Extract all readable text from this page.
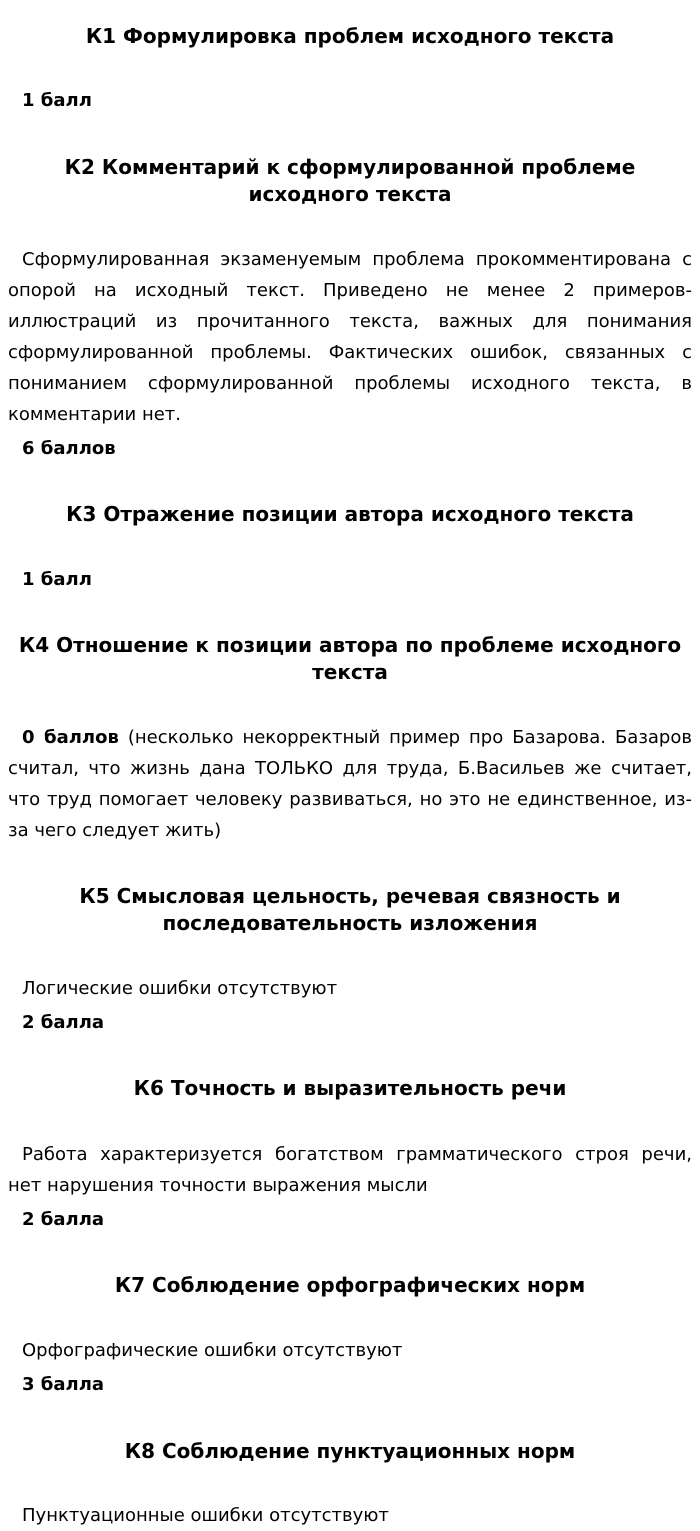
К1 Формулировка проблем исходного текста
1 балл
К2 Комментарий к сформулированной проблеме исходного текста

Сформулированная экзаменуемым проблема прокомментирована с опорой на исходный текст. Приведено не менее 2 примеров-иллюстраций из прочитанного текста, важных для понимания сформулированной проблемы. Фактических ошибок, связанных с пониманием сформулированной проблемы исходного текста, в комментарии нет.

6 баллов
К3 Отражение позиции автора исходного текста
1 балл
К4 Отношение к позиции автора по проблеме исходного текста

0 баллов (несколько некорректный пример про Базарова. Базаров считал, что жизнь дана ТОЛЬКО для труда, Б.Васильев же считает, что труд помогает человеку развиваться, но это не единственное, из-за чего следует жить)

К5 Смысловая цельность, речевая связность и последовательность изложения

Логические ошибки отсутствуют

2 балла
К6 Точность и выразительность речи

Работа характеризуется богатством грамматического строя речи, нет нарушения точности выражения мысли

2 балла
К7 Соблюдение орфографических норм

Орфографические ошибки отсутствуют

3 балла
К8 Соблюдение пунктуационных норм

Пунктуационные ошибки отсутствуют
